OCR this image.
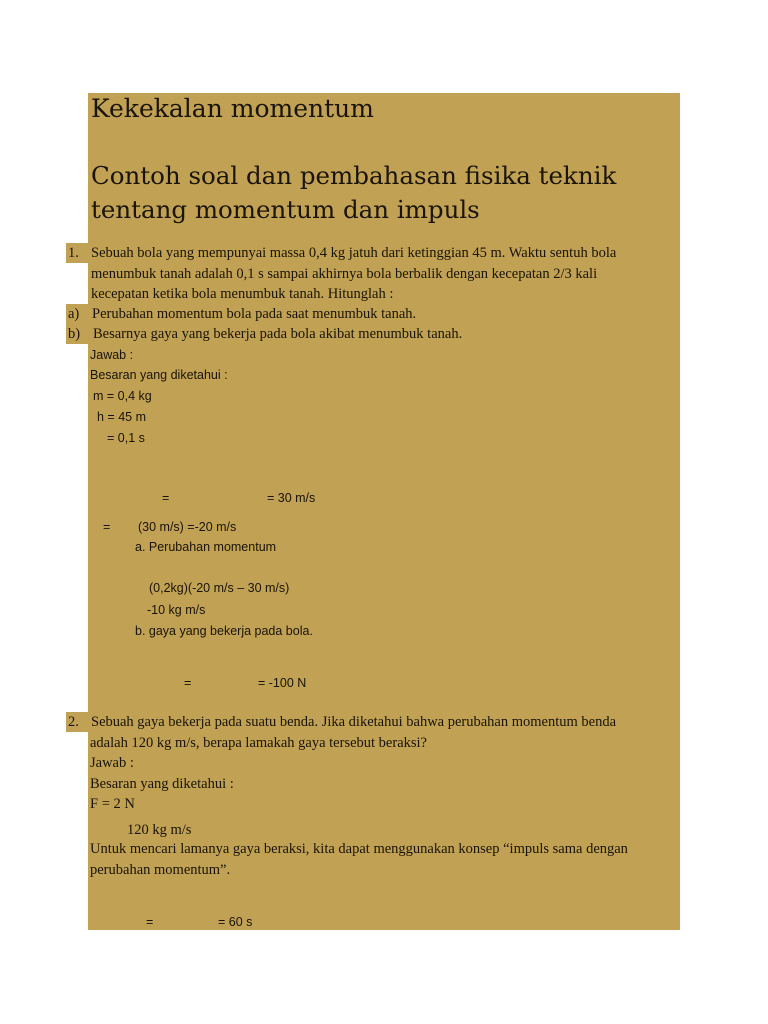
Kekekalan momentum
Contoh soal dan pembahasan fisika teknik
tentang momentum dan impuls
1. Sebuah bola yang mempunyai massa 0,4 kg jatuh dari ketinggian 45 m. Waktu sentuh bola
menumbuk tanah adalah 0,1 s sampai akhirnya bola berbalik dengan kecepatan 2/3 kali
kecepatan ketika bola menumbuk tanah. Hitunglah :
a) Perubahan momentum bola pada saat menumbuk tanah.
b) Besarnya gaya yang bekerja pada bola akibat menumbuk tanah.
Jawab :
Besaran yang diketahui :
m = 0,4 kg
h = 45 m
= 0,1 s
=	= 30 m/s
= (30 m/s) =-20 m/s
a. Perubahan momentum
(0,2kg)(-20 m/s – 30 m/s)
-10 kg m/s
b. gaya yang bekerja pada bola.
=	= -100 N
2. Sebuah gaya bekerja pada suatu benda. Jika diketahui bahwa perubahan momentum benda
adalah 120 kg m/s, berapa lamakah gaya tersebut beraksi?
Jawab :
Besaran yang diketahui :
F = 2 N
120 kg m/s
Untuk mencari lamanya gaya beraksi, kita dapat menggunakan konsep “impuls sama dengan
perubahan momentum”.
=	= 60 s
